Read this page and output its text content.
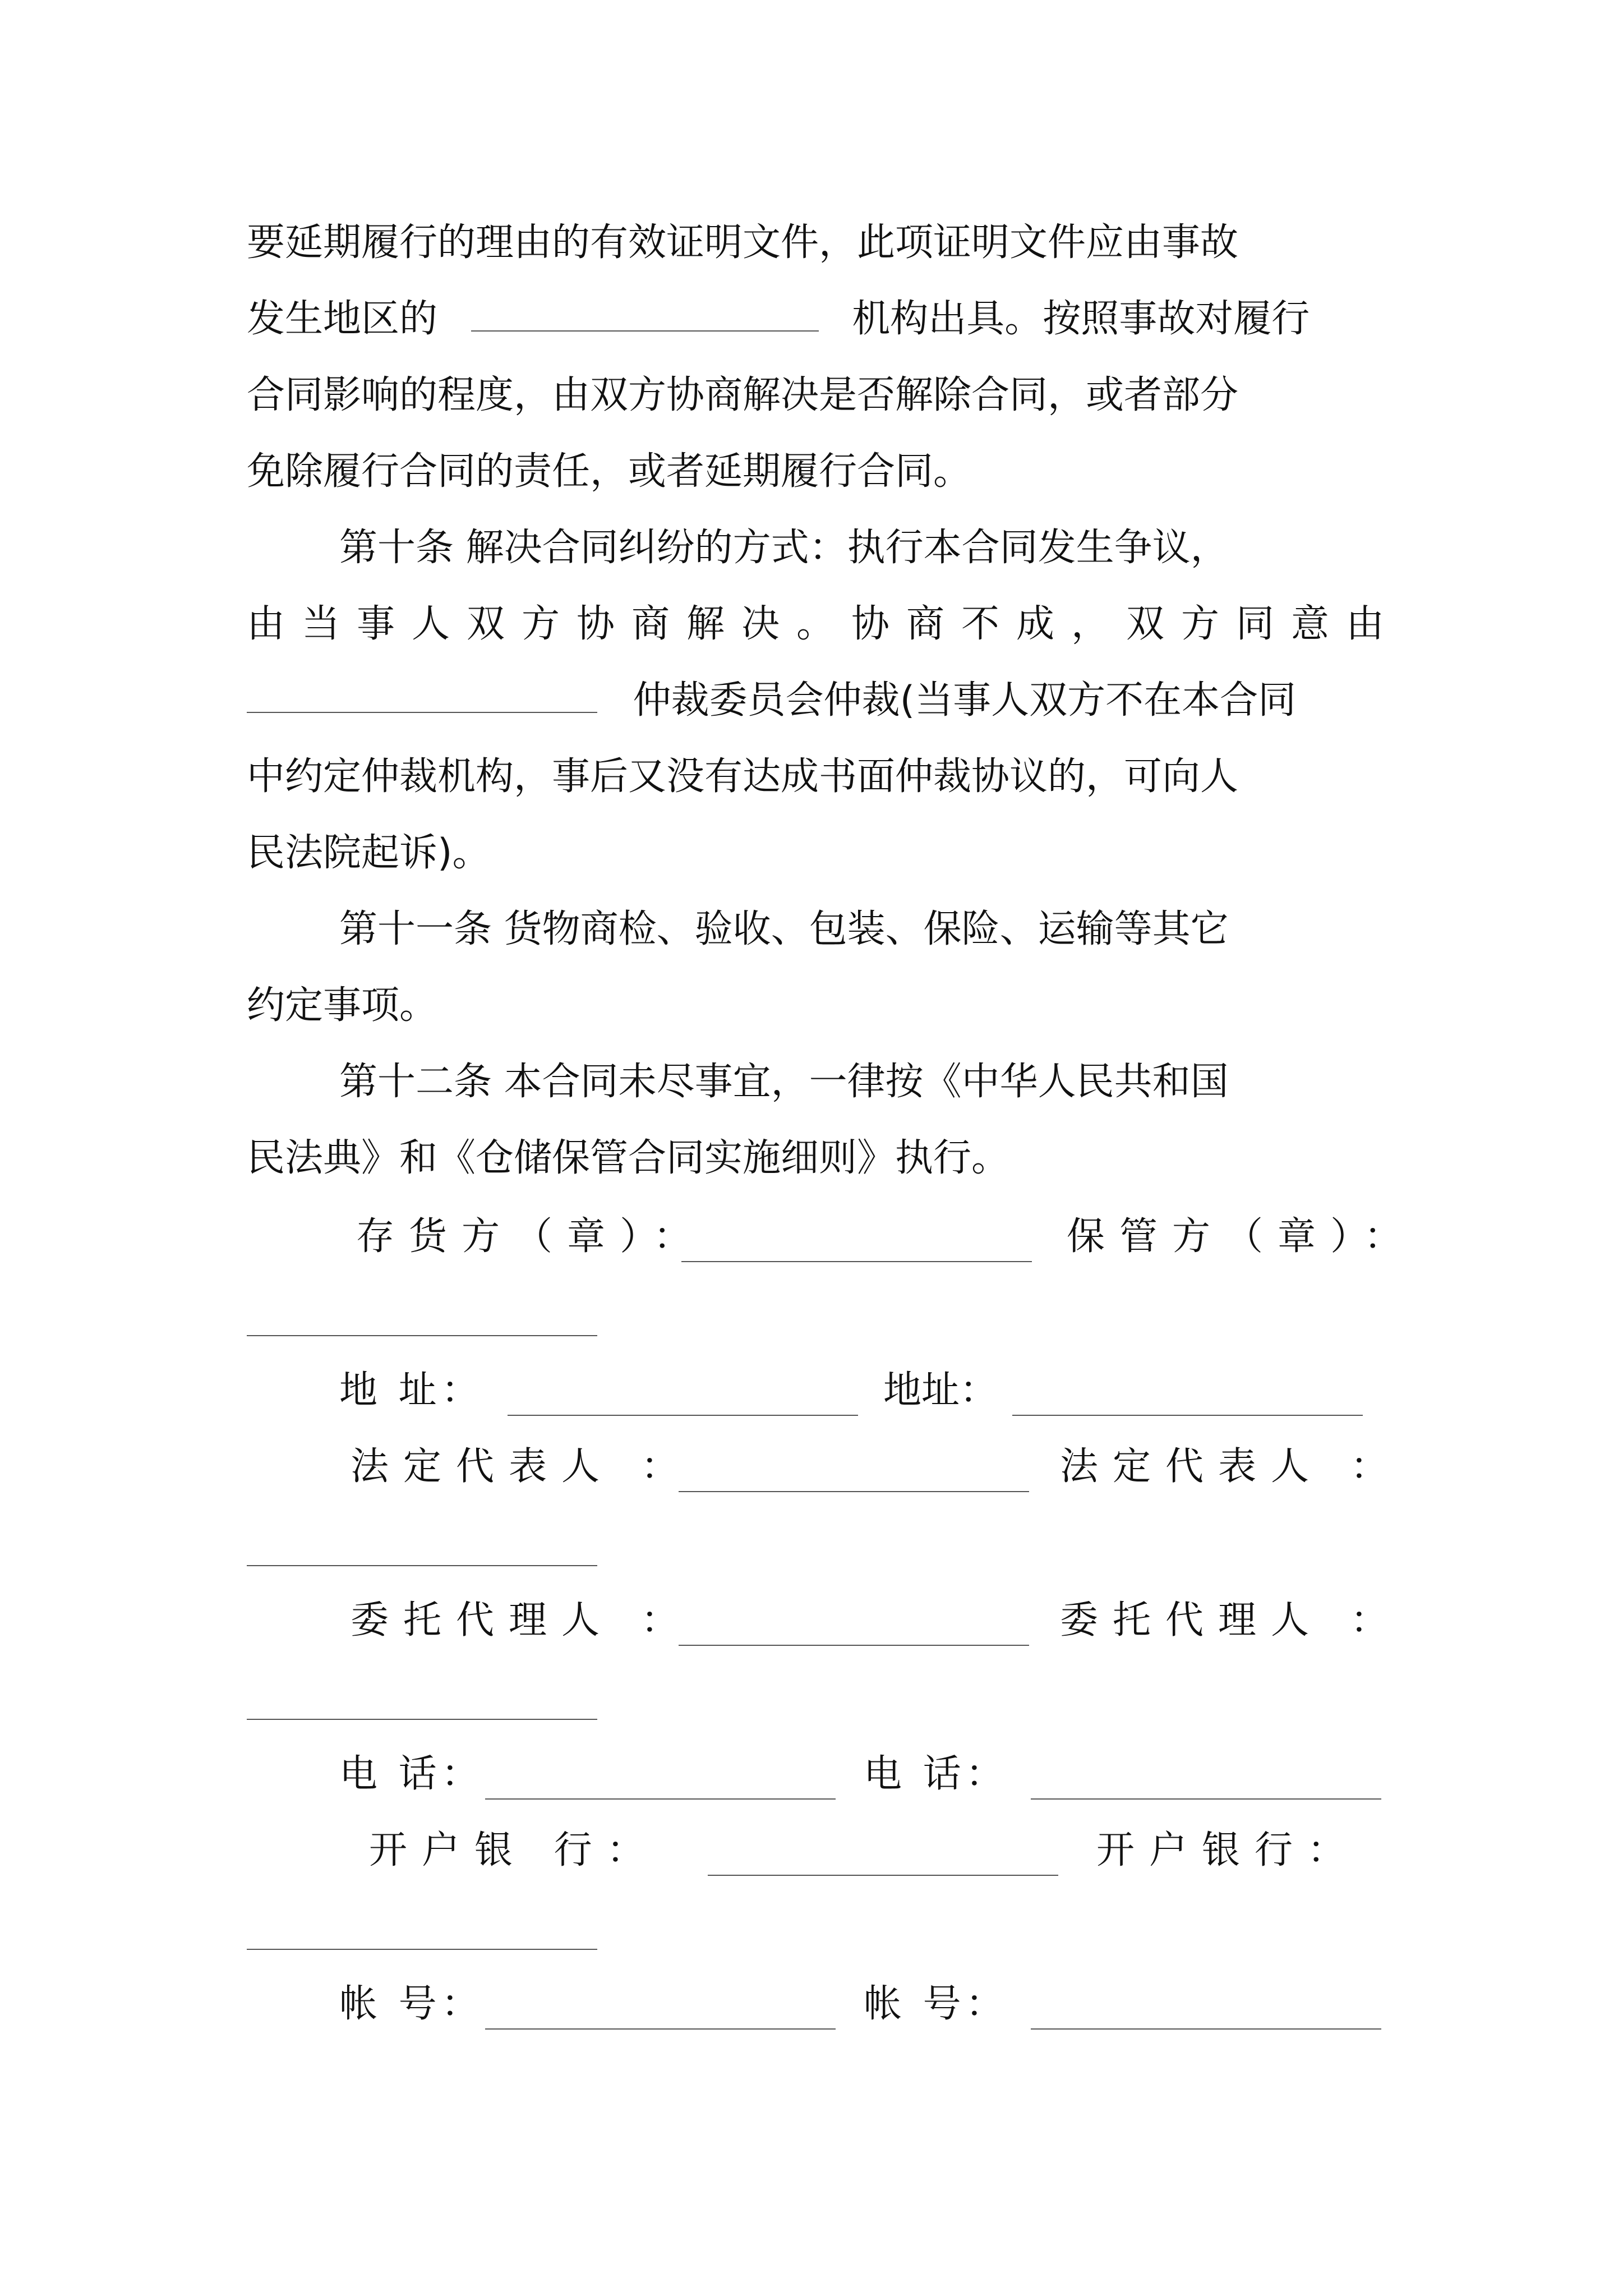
要延期履行的理由的有效证明文件，此项证明文件应由事故
发生地区的	机构出具。按照事故对履行
合同影响的程度，由双方协商解决是否解除合同，或者部分
免除履行合同的责任，或者延期履行合同。
第十条 解决合同纠纷的方式：执行本合同发生争议，
由当事人双方协商解决。协商不成，双方同意由
仲裁委员会仲裁(当事人双方不在本合同
中约定仲裁机构，事后又没有达成书面仲裁协议的，可向人
民法院起诉)。
第十一条 货物商检、验收、包装、保险、运输等其它
约定事项。
第十二条 本合同未尽事宜，一律按《中华人民共和国
民法典》和《仓储保管合同实施细则》执行。
存货方（章）：	保管方（章）：
地 址：	地址：
法定代表人 ：	法定代表人 ：
委托代理人 ：	委托代理人 ：
电 话：	电 话：
开户银 行：	开户银行：
帐 号：	帐 号：
